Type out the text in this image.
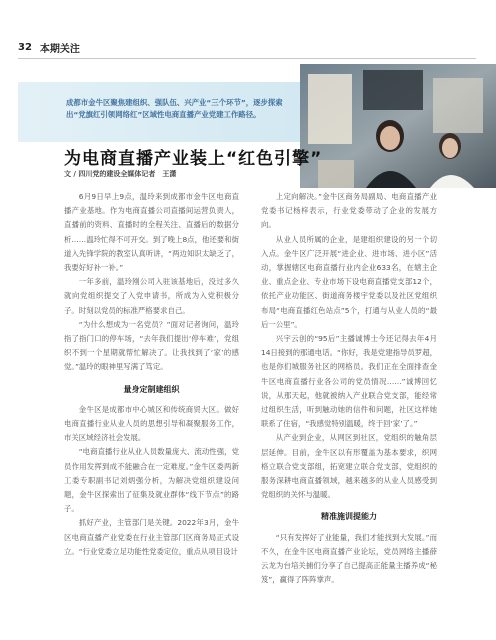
32 本期关注
成都市金牛区聚焦建组织、强队伍、兴产业“三个环节”，逐步探索出“党旗红引领网络红”区域性电商直播产业党建工作路径。
为电商直播产业装上“红色引擎”
文 / 四川党的建设全媒体记者　王潇

6月9日早上9点，温玲来到成都市金牛区电商直播产业基地。作为电商直播公司直播间运营负责人，直播前的资料、直播时的全程关注、直播后的数据分析……温玲忙得不可开交。到了晚上8点，他还要和街道入先锋学院的教室认真听讲，“两边知识太缺乏了，我要好好补一补。”

一年多前，温玲刚公司入驻该基地后，没过多久就向党组织提交了入党申请书，所成为入党积极分子。时刻以党员的标准严格要求自己。

“为什么想成为一名党员？”面对记者询问，温玲指了指门口的停车场，“去年我们提出‘停车难’，党组织不到一个星期就帮忙解决了。让我找到了‘家’的感觉。”温玲的眼神里写满了笃定。

量身定制建组织

金牛区是成都市中心城区和传统商贸大区。做好电商直播行业从业人员的思想引导和凝聚服务工作，市关区域经济社会发展。

“电商直播行业从业人员数量庞大、流动性强，党员作用发挥到成不能融合在一定难度。”金牛区委两新工委专职副书记刘炳强分析，为解决党组织建设问题，金牛区探索出了征集及就业群体“线下节点”的路子。

抓好产业，主管部门是关键。2022年3月，金牛区电商直播产业党委在行业主管部门区商务局正式设立。“行业党委立足功能性党委定位，重点从项目设计

上定向解决。”金牛区商务局副局、电商直播产业党委书记杨梓表示，行业党委带动了企业的发展方向。

从业人员所属的企业，是建组织建设的另一个切入点。金牛区广泛开展“进企业、进市场、进小区”活动，掌握辖区电商直播行业内企业633名，在辖主企业、重点企业、专业市场下设电商直播党支部12个，依托产业功能区、街道商务楼宇党委以及社区党组织布局“电商直播红色站点”5个，打通与从业人员的“最后一公里”。

兴宇云创的“95后”主播诚博士今还记得去年4月14日接到的那通电话。“你好，我是党建指导员罗超，也是你们城服务社区的网格员。我们正在全面排查金牛区电商直播行业各公司的党员情况……”诚博回忆说，从那天起，他就被纳入产业联合党支部，能经常过组织生活，听到触动她的信件和问题，社区这样她联系了住宿，“我感觉特别温暖，终于回‘家’了。”

从产业到企业，从网区到社区，党组织的触角层层延伸。目前，金牛区以有形覆盖为基本要求，织网格立联合党支部组，拓宽建立联合党支部，党组织的服务深耕电商直播领域，越来越多的从业人员感受到党组织的关怀与温暖。

精准施训提能力

“只有发挥好了业能量，我们才能找到大发展。”而不久，在金牛区电商直播产业论坛，党员网络主播薛云龙为台培关捕们分享了自己提高正能量主播养成“秘笈”，赢得了阵阵掌声。
